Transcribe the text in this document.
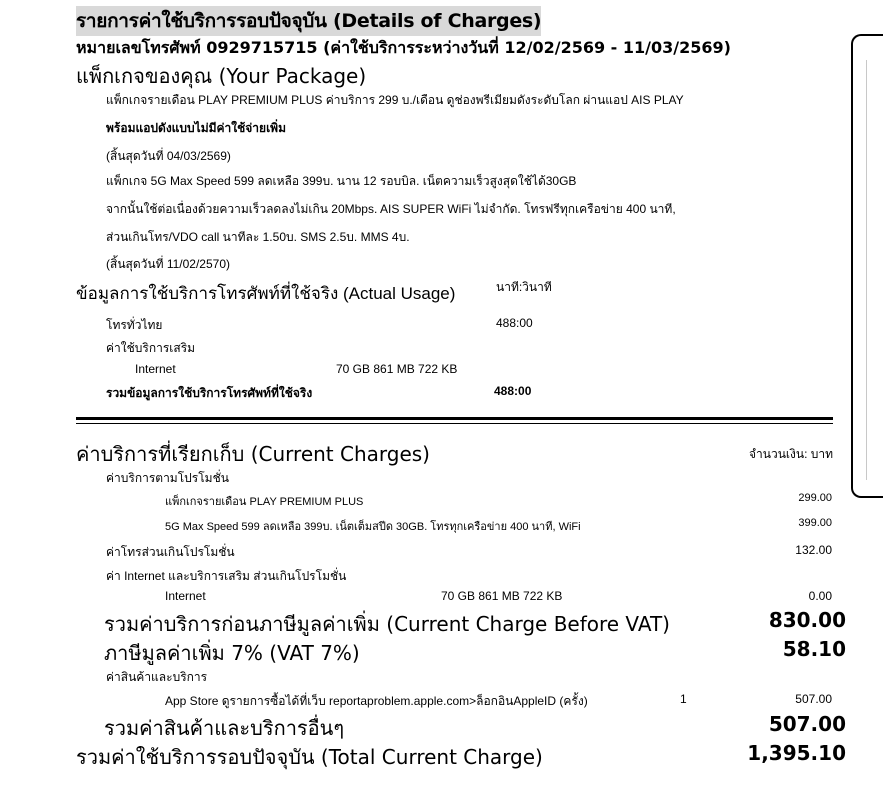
รายการค่าใช้บริการรอบปัจจุบัน (Details of Charges)
หมายเลขโทรศัพท์ 0929715715 (ค่าใช้บริการระหว่างวันที่ 12/02/2569 - 11/03/2569)
แพ็กเกจของคุณ (Your Package)
แพ็กเกจรายเดือน PLAY PREMIUM PLUS ค่าบริการ 299 บ./เดือน ดูช่องพรีเมียมดังระดับโลก ผ่านแอป AIS PLAY
พร้อมแอปดังแบบไม่มีค่าใช้จ่ายเพิ่ม
(สิ้นสุดวันที่ 04/03/2569)
แพ็กเกจ 5G Max Speed 599 ลดเหลือ 399บ. นาน 12 รอบบิล. เน็ตความเร็วสูงสุดใช้ได้30GB
จากนั้นใช้ต่อเนื่องด้วยความเร็วลดลงไม่เกิน 20Mbps. AIS SUPER WiFi ไม่จำกัด. โทรฟรีทุกเครือข่าย 400 นาที,
ส่วนเกินโทร/VDO call นาทีละ 1.50บ. SMS 2.5บ. MMS 4บ.
(สิ้นสุดวันที่ 11/02/2570)
ข้อมูลการใช้บริการโทรศัพท์ที่ใช้จริง (Actual Usage)	นาที:วินาที
โทรทั่วไทย	488:00
ค่าใช้บริการเสริม
Internet	70 GB 861 MB 722 KB
รวมข้อมูลการใช้บริการโทรศัพท์ที่ใช้จริง	488:00
ค่าบริการที่เรียกเก็บ (Current Charges)	จำนวนเงิน: บาท
ค่าบริการตามโปรโมชั่น
แพ็กเกจรายเดือน PLAY PREMIUM PLUS	299.00
5G Max Speed 599 ลดเหลือ 399บ. เน็ตเต็มสปีด 30GB. โทรทุกเครือข่าย 400 นาที, WiFi	399.00
ค่าโทรส่วนเกินโปรโมชั่น	132.00
ค่า Internet และบริการเสริม ส่วนเกินโปรโมชั่น
Internet	70 GB 861 MB 722 KB	0.00
รวมค่าบริการก่อนภาษีมูลค่าเพิ่ม (Current Charge Before VAT)	830.00
ภาษีมูลค่าเพิ่ม 7% (VAT 7%)	58.10
ค่าสินค้าและบริการ
App Store ดูรายการซื้อได้ที่เว็บ reportaproblem.apple.com>ล็อกอินAppleID (ครั้ง)	1	507.00
รวมค่าสินค้าและบริการอื่นๆ	507.00
รวมค่าใช้บริการรอบปัจจุบัน (Total Current Charge)	1,395.10
